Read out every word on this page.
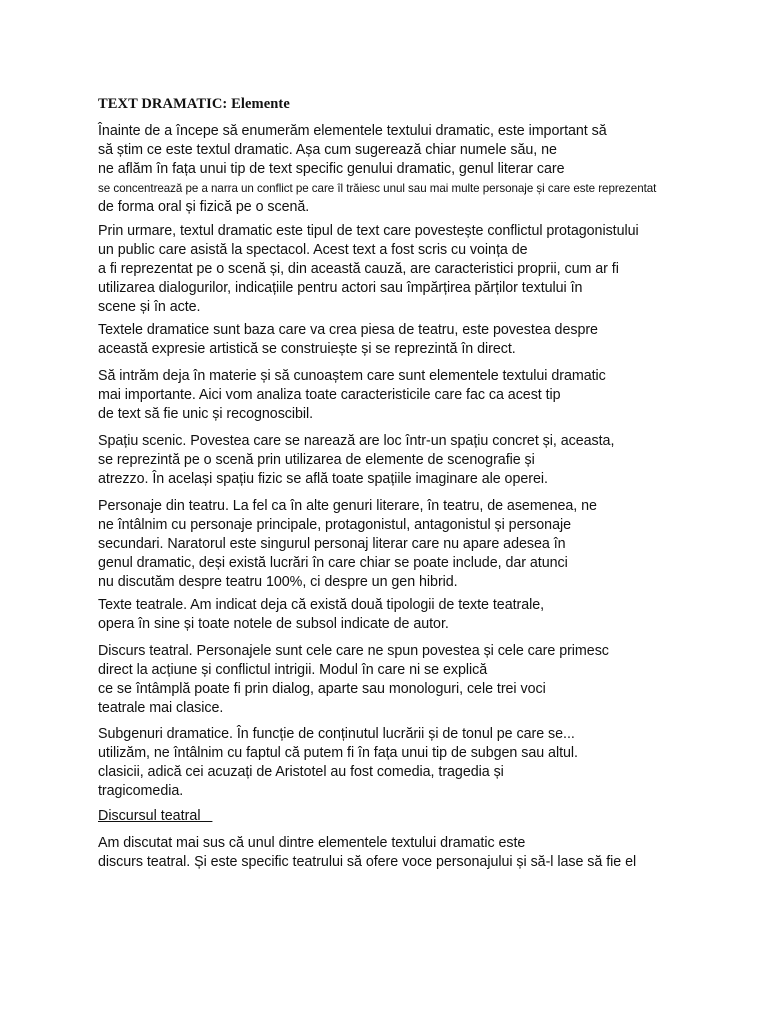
TEXT DRAMATIC: Elemente
Înainte de a începe să enumerăm elementele textului dramatic, este important să
să știm ce este textul dramatic. Așa cum sugerează chiar numele său, ne
ne aflăm în fața unui tip de text specific genului dramatic, genul literar care
se concentrează pe a narra un conflict pe care îl trăiesc unul sau mai multe personaje și care este reprezentat
de forma oral și fizică pe o scenă.
Prin urmare, textul dramatic este tipul de text care povestește conflictul protagonistului
un public care asistă la spectacol. Acest text a fost scris cu voința de
a fi reprezentat pe o scenă și, din această cauză, are caracteristici proprii, cum ar fi
utilizarea dialogurilor, indicațiile pentru actori sau împărțirea părților textului în
scene și în acte.
Textele dramatice sunt baza care va crea piesa de teatru, este povestea despre
această expresie artistică se construiește și se reprezintă în direct.
Să intrăm deja în materie și să cunoaștem care sunt elementele textului dramatic
mai importante. Aici vom analiza toate caracteristicile care fac ca acest tip
de text să fie unic și recognoscibil.
Spațiu scenic. Povestea care se narează are loc într-un spațiu concret și, aceasta,
se reprezintă pe o scenă prin utilizarea de elemente de scenografie și
atrezzo. În același spațiu fizic se află toate spațiile imaginare ale operei.
Personaje din teatru. La fel ca în alte genuri literare, în teatru, de asemenea, ne
ne întâlnim cu personaje principale, protagonistul, antagonistul și personaje
secundari. Naratorul este singurul personaj literar care nu apare adesea în
genul dramatic, deși există lucrări în care chiar se poate include, dar atunci
nu discutăm despre teatru 100%, ci despre un gen hibrid.
Texte teatrale. Am indicat deja că există două tipologii de texte teatrale,
opera în sine și toate notele de subsol indicate de autor.
Discurs teatral. Personajele sunt cele care ne spun povestea și cele care primesc
direct la acțiune și conflictul intrigii. Modul în care ni se explică
ce se întâmplă poate fi prin dialog, aparte sau monologuri, cele trei voci
teatrale mai clasice.
Subgenuri dramatice. În funcție de conținutul lucrării și de tonul pe care se...
utilizăm, ne întâlnim cu faptul că putem fi în fața unui tip de subgen sau altul.
clasicii, adică cei acuzați de Aristotel au fost comedia, tragedia și
tragicomedia.
Discursul teatral
Am discutat mai sus că unul dintre elementele textului dramatic este
discurs teatral. Și este specific teatrului să ofere voce personajului și să-l lase să fie el
